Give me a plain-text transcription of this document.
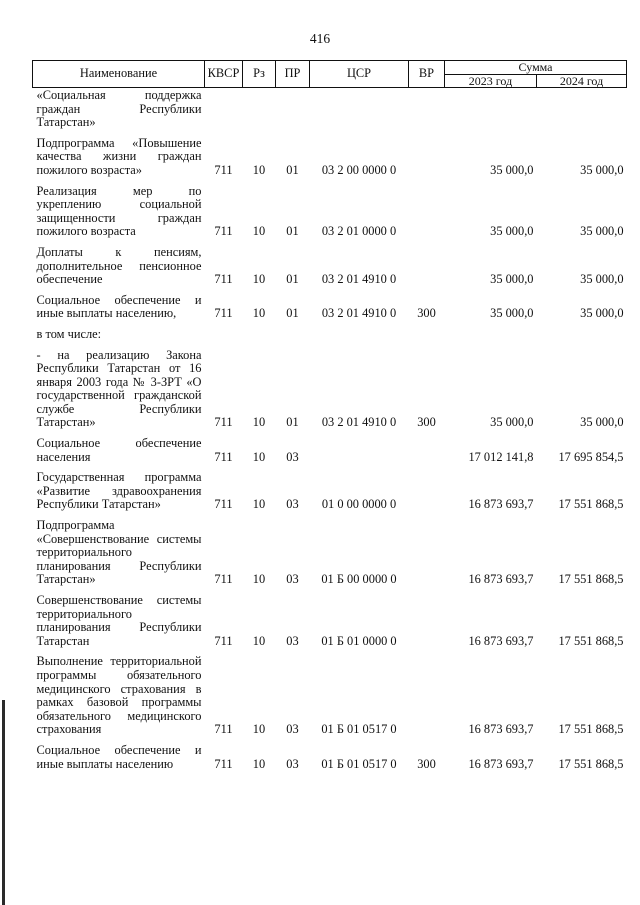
416
Наименование	КВСР	Рз	ПР	ЦСР	ВР	Сумма	
						2023 год	2024 год
«Социальная поддержка граждан Республики Татарстан»							
Подпрограмма «Повышение качества жизни граждан пожилого возраста»	711	10	01	03 2 00 0000 0		35 000,0	35 000,0
Реализация мер по укреплению социальной защищенности граждан пожилого возраста	711	10	01	03 2 01 0000 0		35 000,0	35 000,0
Доплаты к пенсиям, дополнительное пенсионное обеспечение	711	10	01	03 2 01 4910 0		35 000,0	35 000,0
Социальное обеспечение и иные выплаты населению,	711	10	01	03 2 01 4910 0	300	35 000,0	35 000,0
в том числе:							
- на реализацию Закона Республики Татарстан от 16 января 2003 года № 3-ЗРТ «О государственной гражданской службе Республики Татарстан»	711	10	01	03 2 01 4910 0	300	35 000,0	35 000,0
Социальное обеспечение населения	711	10	03			17 012 141,8	17 695 854,5
Государственная программа «Развитие здравоохранения Республики Татарстан»	711	10	03	01 0 00 0000 0		16 873 693,7	17 551 868,5
Подпрограмма «Совершенствование системы территориального планирования Республики Татарстан»	711	10	03	01 Б 00 0000 0		16 873 693,7	17 551 868,5
Совершенствование системы территориального планирования Республики Татарстан	711	10	03	01 Б 01 0000 0		16 873 693,7	17 551 868,5
Выполнение территориальной программы обязательного медицинского страхования в рамках базовой программы обязательного медицинского страхования	711	10	03	01 Б 01 0517 0		16 873 693,7	17 551 868,5
Социальное обеспечение и иные выплаты населению	711	10	03	01 Б 01 0517 0	300	16 873 693,7	17 551 868,5
